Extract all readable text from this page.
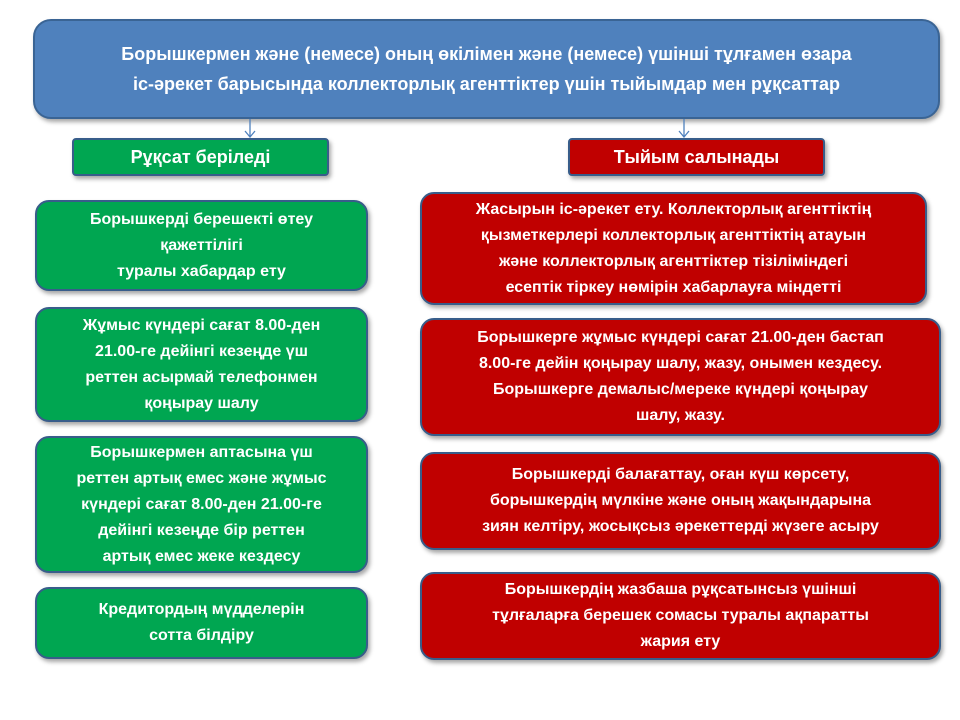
Борышкермен және (немесе) оның өкілімен және (немесе) үшінші тұлғамен өзара
іс-әрекет барысында коллекторлық агенттіктер үшін тыйымдар мен рұқсаттар
Рұқсат беріледі	Тыйым салынады
Борышкерді берешекті өтеу
қажеттілігі
туралы хабардар ету
Жұмыс күндері сағат 8.00-ден
21.00-ге дейінгі кезеңде үш
реттен асырмай телефонмен
қоңырау шалу
Борышкермен аптасына үш
реттен артық емес және жұмыс
күндері сағат 8.00-ден 21.00-ге
дейінгі кезеңде бір реттен
артық емес жеке кездесу
Кредитордың мүдделерін
сотта білдіру
Жасырын іс-әрекет ету. Коллекторлық агенттіктің
қызметкерлері коллекторлық агенттіктің атауын
және коллекторлық агенттіктер тізіліміндегі
есептік тіркеу нөмірін хабарлауға міндетті
Борышкерге жұмыс күндері сағат 21.00-ден бастап
8.00-ге дейін қоңырау шалу, жазу, онымен кездесу.
Борышкерге демалыс/мереке күндері қоңырау
шалу, жазу.
Борышкерді балағаттау, оған күш көрсету,
борышкердің мүлкіне және оның жақындарына
зиян келтіру, жосықсыз әрекеттерді жүзеге асыру
Борышкердің жазбаша рұқсатынсыз үшінші
тұлғаларға берешек сомасы туралы ақпаратты
жария ету
